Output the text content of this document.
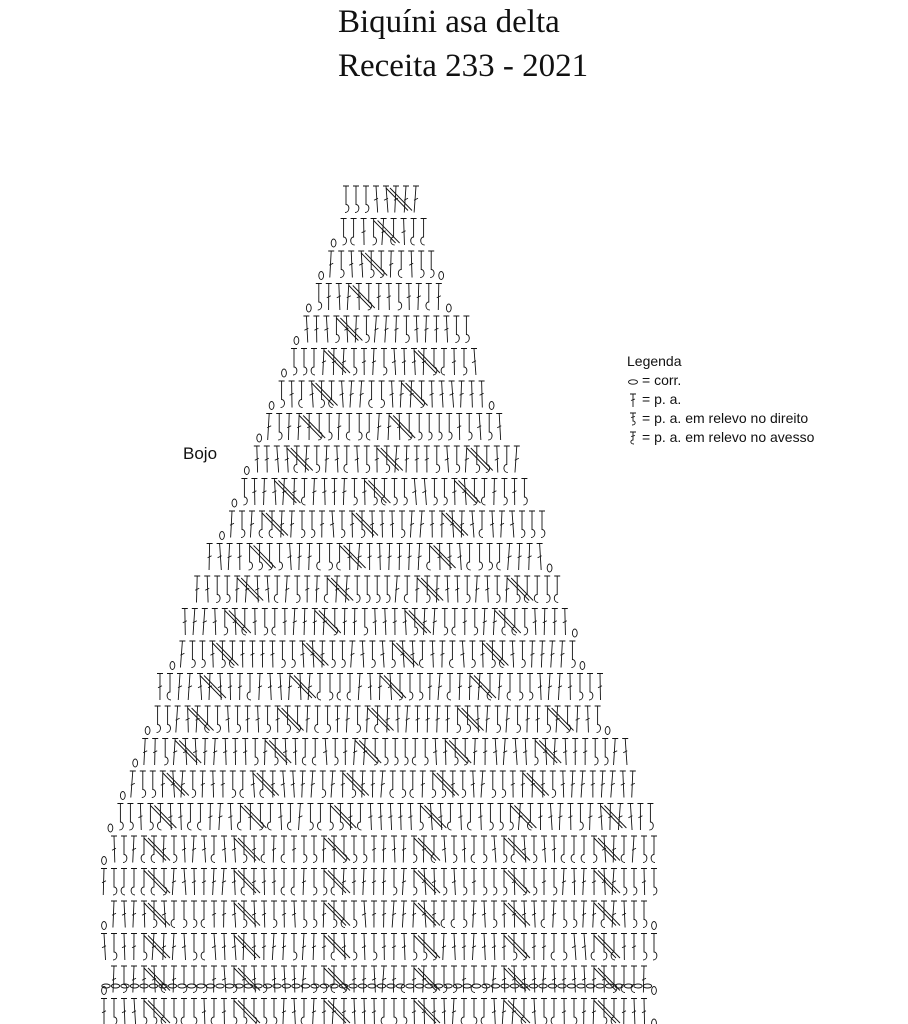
Biquíni asa delta
Receita 233 - 2021
Bojo
Legenda
= corr.
= p. a.
= p. a. em relevo no direito
= p. a. em relevo no avesso
